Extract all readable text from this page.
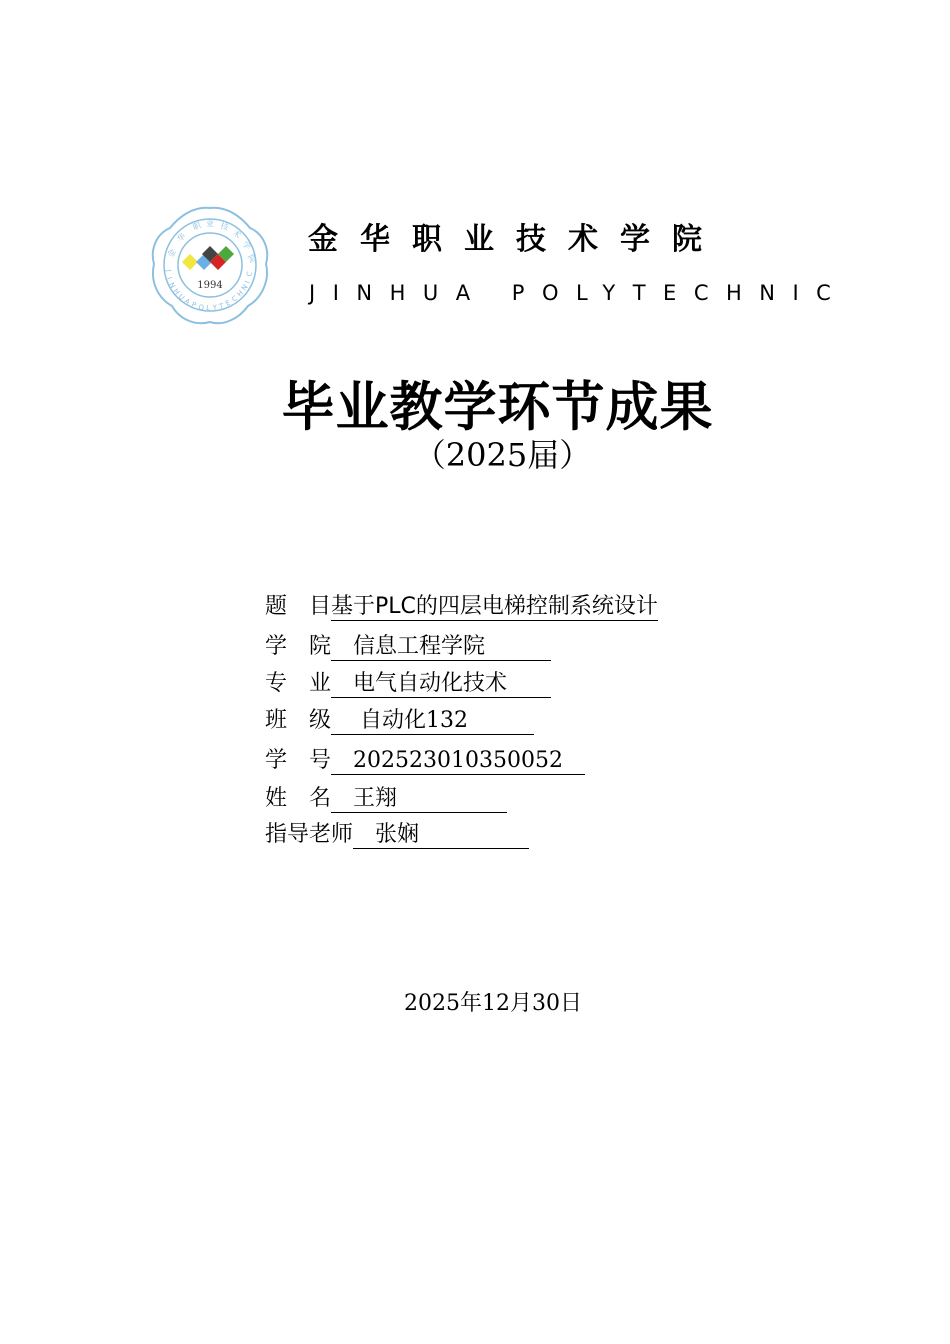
金
华
职 业 技
术
学
院
J
I
N
H
U
A
P O L Y T E
C
H
N
I
C
1994
金华职业技术学院
JINHUA POLYTECHNIC
毕业教学环节成果
（2025届）
题　目基于PLC的四层电梯控制系统设计
学　院　信息工程学院　　　
专　业　电气自动化技术　　
班　级　 自动化132　　　
学　号　202523010350052　
姓　名　王翔　　　　　
指导老师　张娴　　　　　
2025年12月30日
